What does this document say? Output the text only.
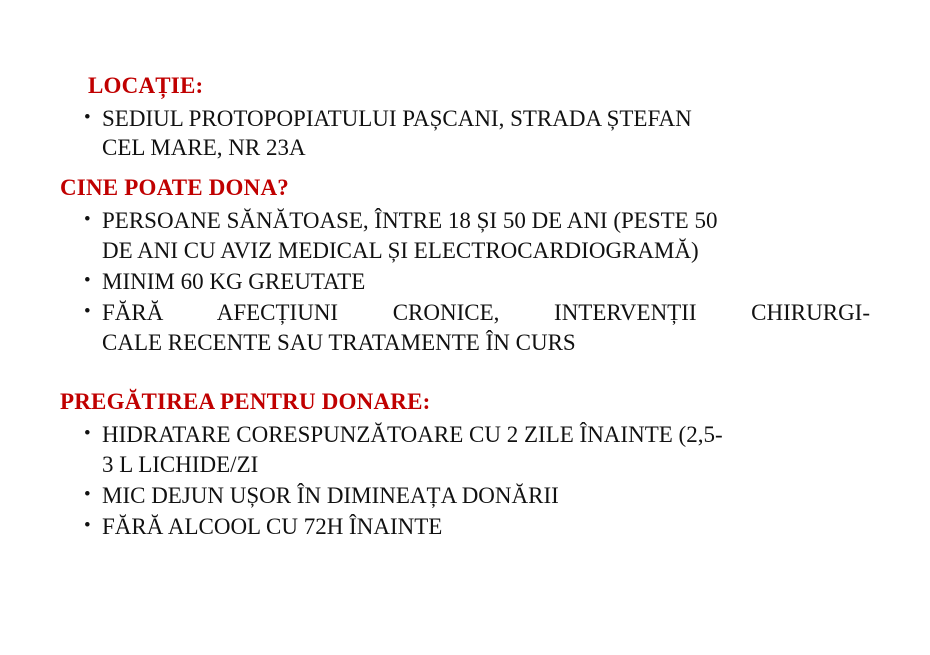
LOCAȚIE:

• SEDIUL PROTOPOPIATULUI PAȘCANI, STRADA ȘTEFAN
CEL MARE, NR 23A

CINE POATE DONA?

• PERSOANE SĂNĂTOASE, ÎNTRE 18 ȘI 50 DE ANI (PESTE 50
DE ANI CU AVIZ MEDICAL ȘI ELECTROCARDIOGRAMĂ)
• MINIM 60 KG GREUTATE
• FĂRĂ AFECȚIUNI CRONICE, INTERVENȚII CHIRURGI-
CALE RECENTE SAU TRATAMENTE ÎN CURS

PREGĂTIREA PENTRU DONARE:

• HIDRATARE CORESPUNZĂTOARE CU 2 ZILE ÎNAINTE (2,5-
3 L LICHIDE/ZI
• MIC DEJUN UȘOR ÎN DIMINEAȚA DONĂRII
• FĂRĂ ALCOOL CU 72H ÎNAINTE
